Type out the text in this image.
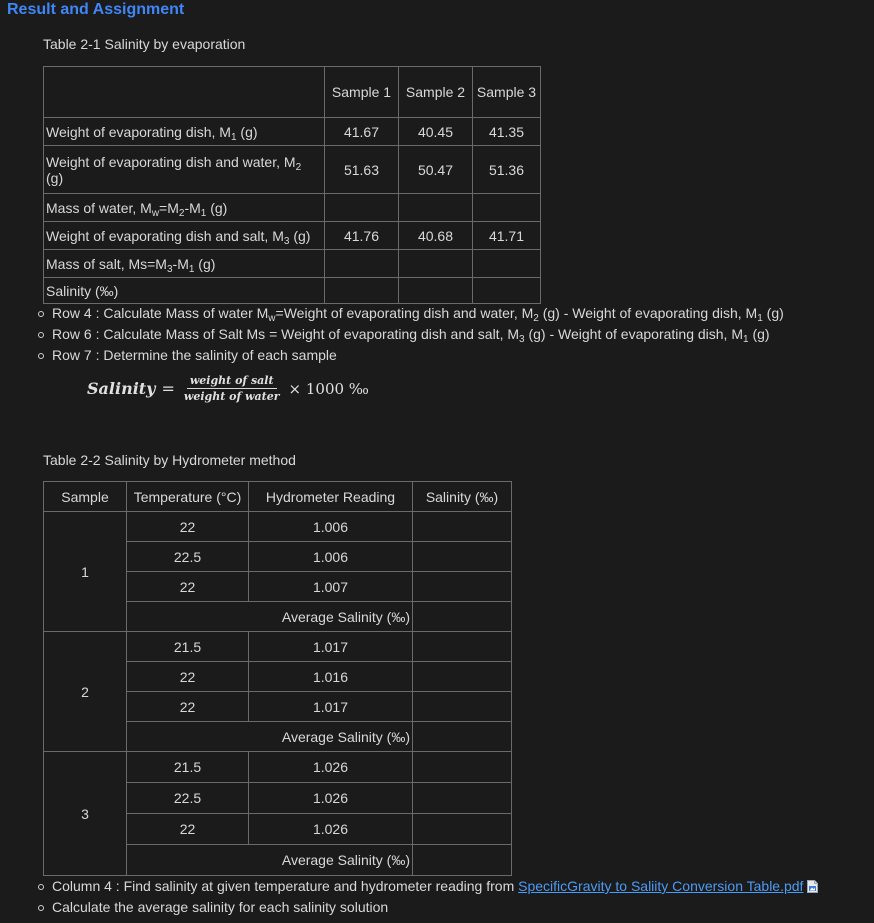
Result and Assignment
Table 2-1 Salinity by evaporation
	Sample 1	Sample 2	Sample 3
Weight of evaporating dish, $M_1$ (g)	41.67	40.45	41.35
Weight of evaporating dish and water, $M_2$ (g)	51.63	50.47	51.36
Mass of water, $M_w=M_2-M_1$ (g)			
Weight of evaporating dish and salt, $M_3$ (g)	41.76	40.68	41.71
Mass of salt, $Ms=M_3-M_1$ (g)			
Salinity (‰)			
Row 4 : Calculate Mass of water $M_w=Weight$ of evaporating dish and water, $M_2$ (g) - Weight of evaporating dish, $M_1$ (g)
Row 6 : Calculate Mass of Salt Ms = Weight of evaporating dish and salt, $M_3$ (g) - Weight of evaporating dish, $M_1$ (g)
Row 7 : Determine the salinity of each sample
Salinity = $\frac{\text{weight of salt}}{\text{weight of water}} \times 1000$ ‰
Table 2-2 Salinity by Hydrometer method
Sample	Temperature (°C)	Hydrometer Reading	Salinity (‰)
1	22	1.006	
	22.5	1.006	
	22	1.007	
	Average Salinity (‰)		
2	21.5	1.017	
	22	1.016	
	22	1.017	
	Average Salinity (‰)		
3	21.5	1.026	
	22.5	1.026	
	22	1.026	
	Average Salinity (‰)		
Column 4 : Find salinity at given temperature and hydrometer reading from SpecificGravity to Saliity Conversion Table.pdf
Calculate the average salinity for each salinity solution
